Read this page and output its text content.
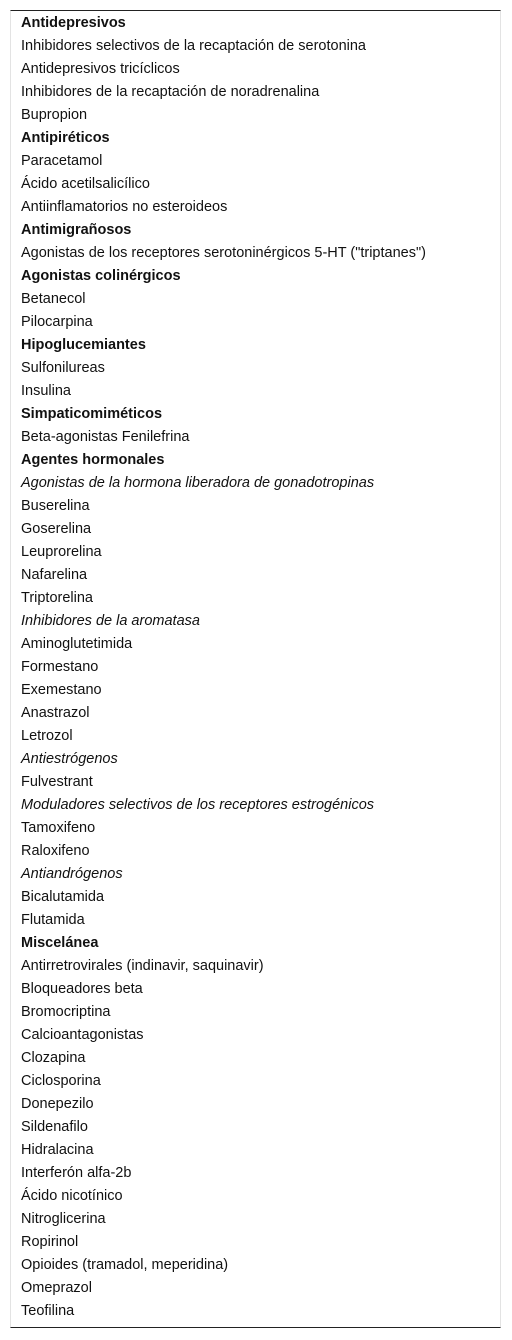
Antidepresivos
Inhibidores selectivos de la recaptación de serotonina
Antidepresivos tricíclicos
Inhibidores de la recaptación de noradrenalina
Bupropion
Antipiréticos
Paracetamol
Ácido acetilsalicílico
Antiinflamatorios no esteroideos
Antimigrañosos
Agonistas de los receptores serotoninérgicos 5-HT ("triptanes")
Agonistas colinérgicos
Betanecol
Pilocarpina
Hipoglucemiantes
Sulfonilureas
Insulina
Simpaticomiméticos
Beta-agonistas Fenilefrina
Agentes hormonales
Agonistas de la hormona liberadora de gonadotropinas
Buserelina
Goserelina
Leuprorelina
Nafarelina
Triptorelina
Inhibidores de la aromatasa
Aminoglutetimida
Formestano
Exemestano
Anastrazol
Letrozol
Antiestrógenos
Fulvestrant
Moduladores selectivos de los receptores estrogénicos
Tamoxifeno
Raloxifeno
Antiandrógenos
Bicalutamida
Flutamida
Miscelánea
Antirretrovirales (indinavir, saquinavir)
Bloqueadores beta
Bromocriptina
Calcioantagonistas
Clozapina
Ciclosporina
Donepezilo
Sildenafilo
Hidralacina
Interferón alfa-2b
Ácido nicotínico
Nitroglicerina
Ropirinol
Opioides (tramadol, meperidina)
Omeprazol
Teofilina
